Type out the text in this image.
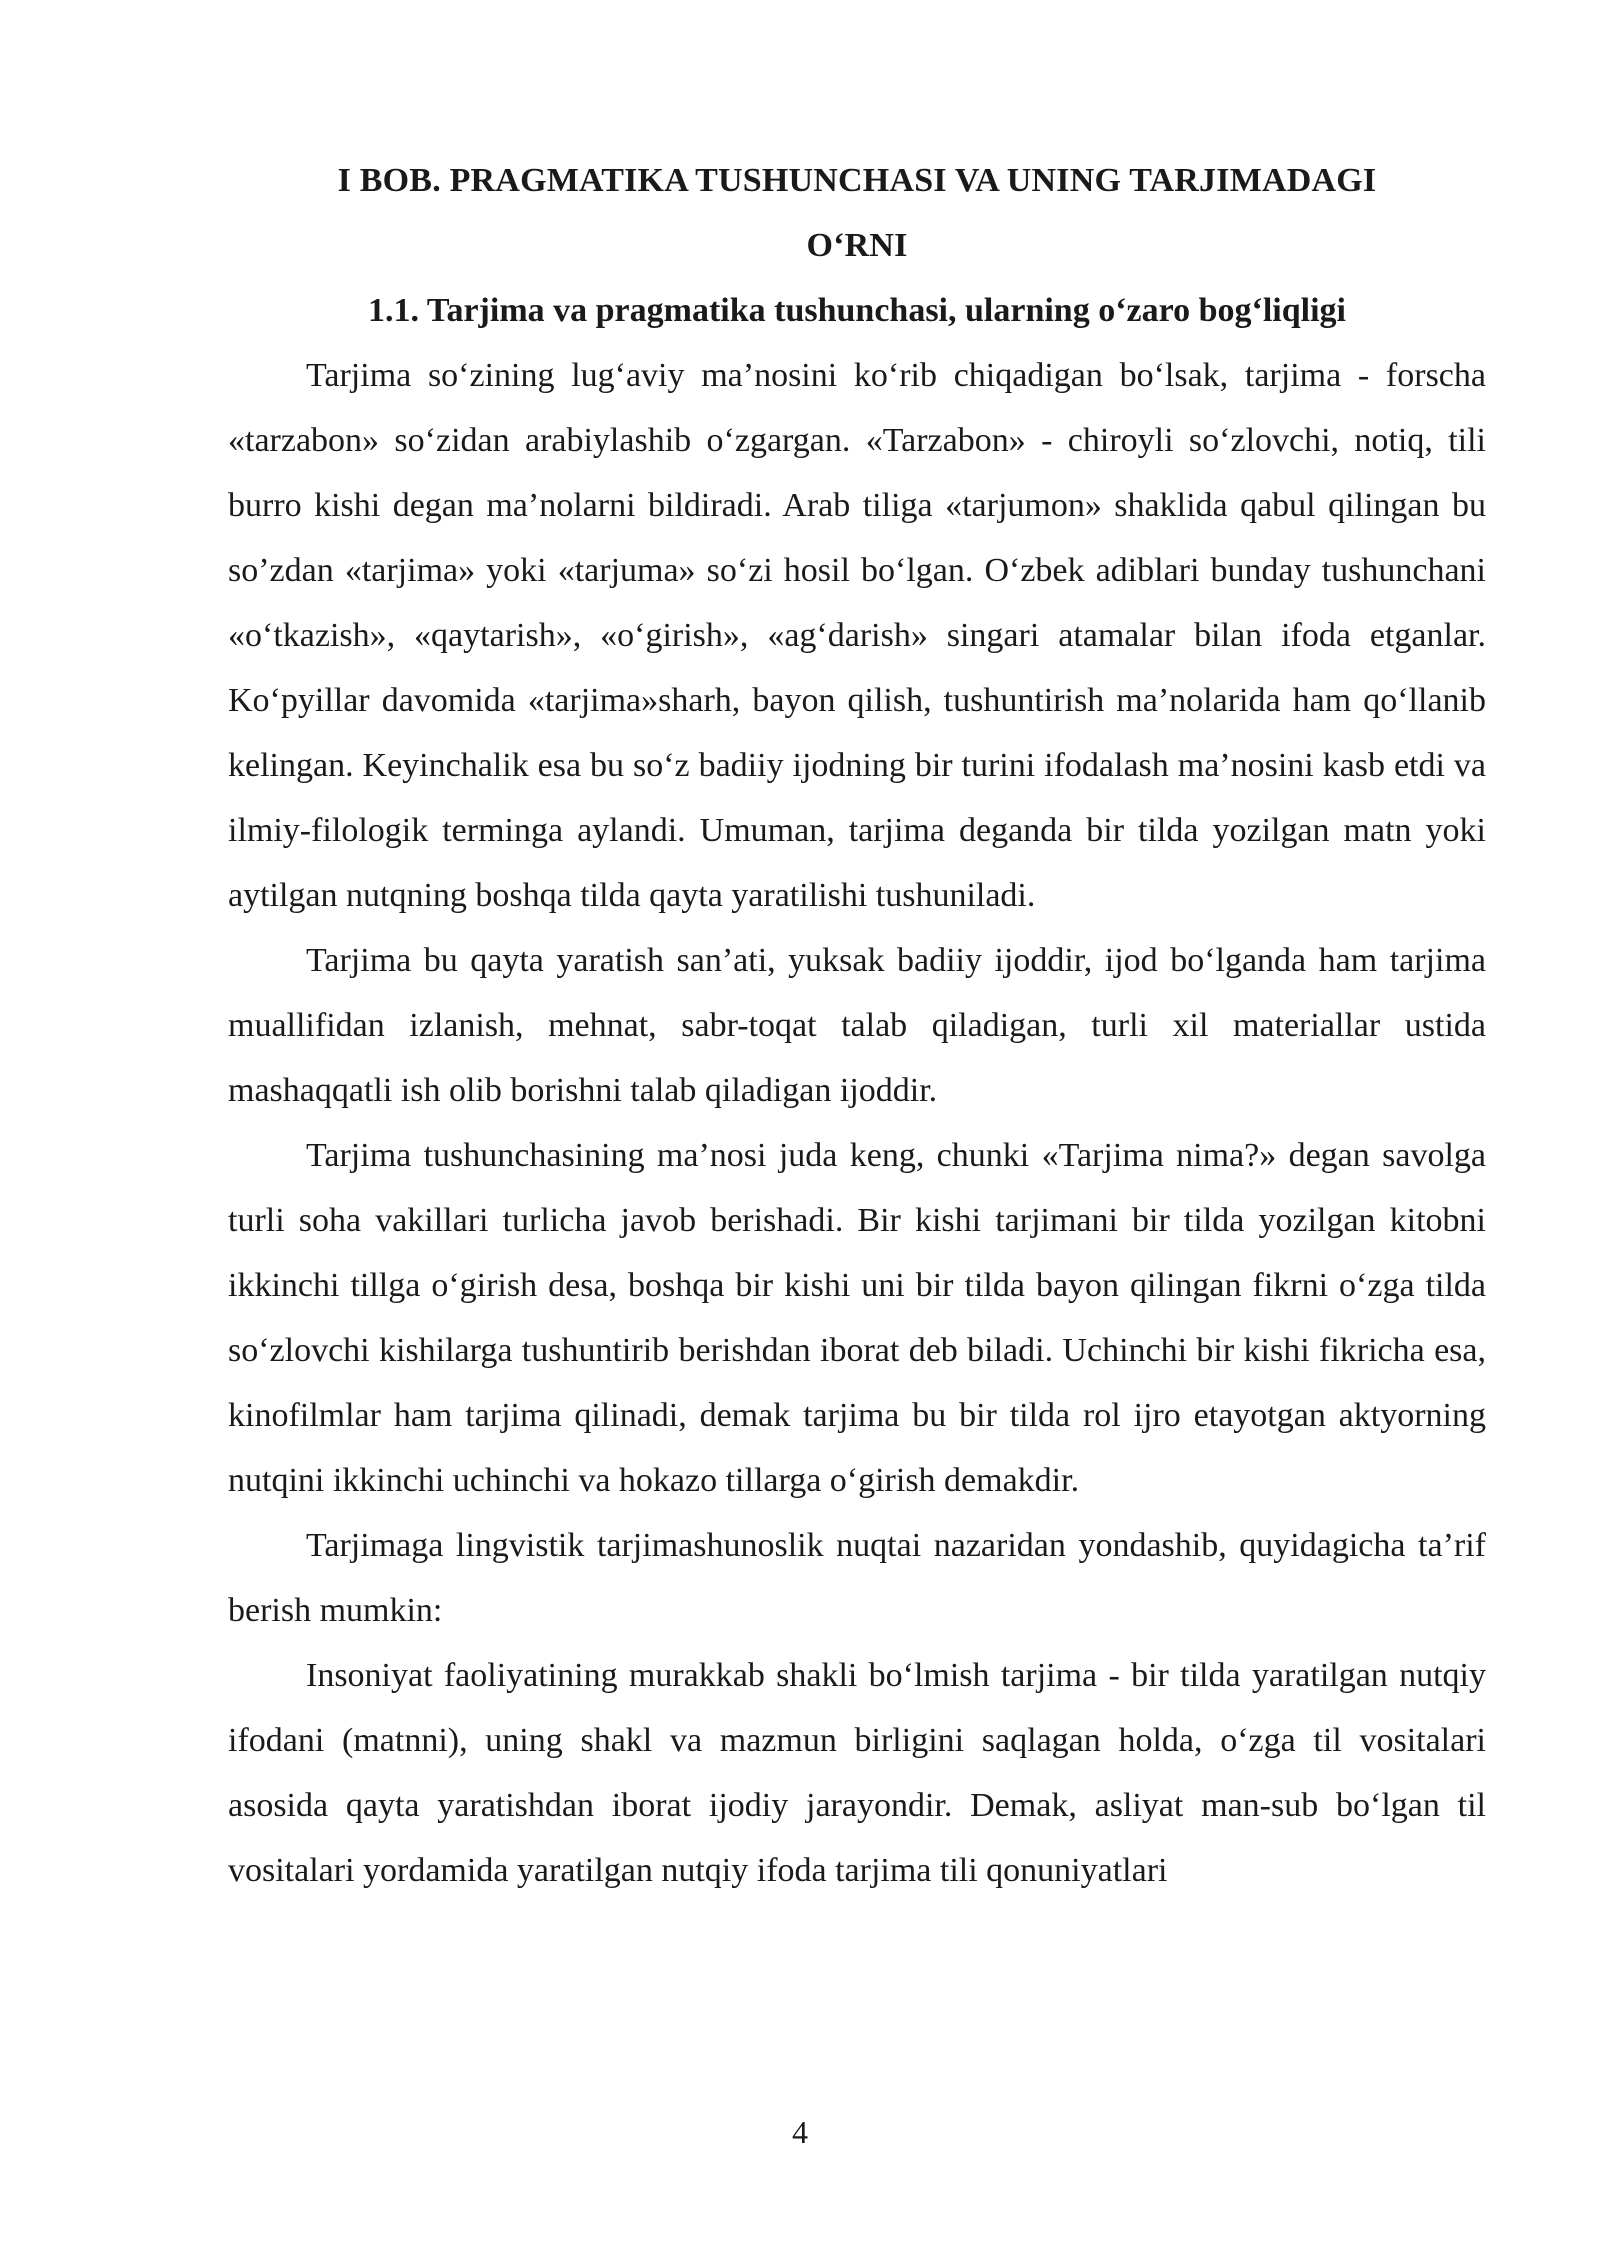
I BOB. PRAGMATIKA TUSHUNCHASI VA UNING TARJIMADAGI

O‘RNI

1.1. Tarjima va pragmatika tushunchasi, ularning o‘zaro bog‘liqligi

Tarjima so‘zining lug‘aviy ma’nosini ko‘rib chiqadigan bo‘lsak, tarjima - forscha «tarzabon» so‘zidan arabiylashib o‘zgargan. «Tarzabon» - chiroyli so‘zlovchi, notiq, tili burro kishi degan ma’nolarni bildiradi. Arab tiliga «tarjumon» shaklida qabul qilingan bu so’zdan «tarjima» yoki «tarjuma» so‘zi hosil bo‘lgan. O‘zbek adiblari bunday tushunchani «o‘tkazish», «qaytarish», «o‘girish», «ag‘darish» singari atamalar bilan ifoda etganlar. Ko‘pyillar davomida «tarjima»sharh, bayon qilish, tushuntirish ma’nolarida ham qo‘llanib kelingan. Keyinchalik esa bu so‘z badiiy ijodning bir turini ifodalash ma’nosini kasb etdi va ilmiy-filologik terminga aylandi. Umuman, tarjima deganda bir tilda yozilgan matn yoki aytilgan nutqning boshqa tilda qayta yaratilishi tushuniladi.

Tarjima bu qayta yaratish san’ati, yuksak badiiy ijoddir, ijod bo‘lganda ham tarjima muallifidan izlanish, mehnat, sabr-toqat talab qiladigan, turli xil materiallar ustida mashaqqatli ish olib borishni talab qiladigan ijoddir.

Tarjima tushunchasining ma’nosi juda keng, chunki «Tarjima nima?» degan savolga turli soha vakillari turlicha javob berishadi. Bir kishi tarjimani bir tilda yozilgan kitobni ikkinchi tillga o‘girish desa, boshqa bir kishi uni bir tilda bayon qilingan fikrni o‘zga tilda so‘zlovchi kishilarga tushuntirib berishdan iborat deb biladi. Uchinchi bir kishi fikricha esa, kinofilmlar ham tarjima qilinadi, demak tarjima bu bir tilda rol ijro etayotgan aktyorning nutqini ikkinchi uchinchi va hokazo tillarga o‘girish demakdir.

Tarjimaga lingvistik tarjimashunoslik nuqtai nazaridan yondashib, quyidagicha ta’rif berish mumkin:

Insoniyat faoliyatining murakkab shakli bo‘lmish tarjima - bir tilda yaratilgan nutqiy ifodani (matnni), uning shakl va mazmun birligini saqlagan holda, o‘zga til vositalari asosida qayta yaratishdan iborat ijodiy jarayondir. Demak, asliyat man-sub bo‘lgan til vositalari yordamida yaratilgan nutqiy ifoda tarjima tili qonuniyatlari

4
